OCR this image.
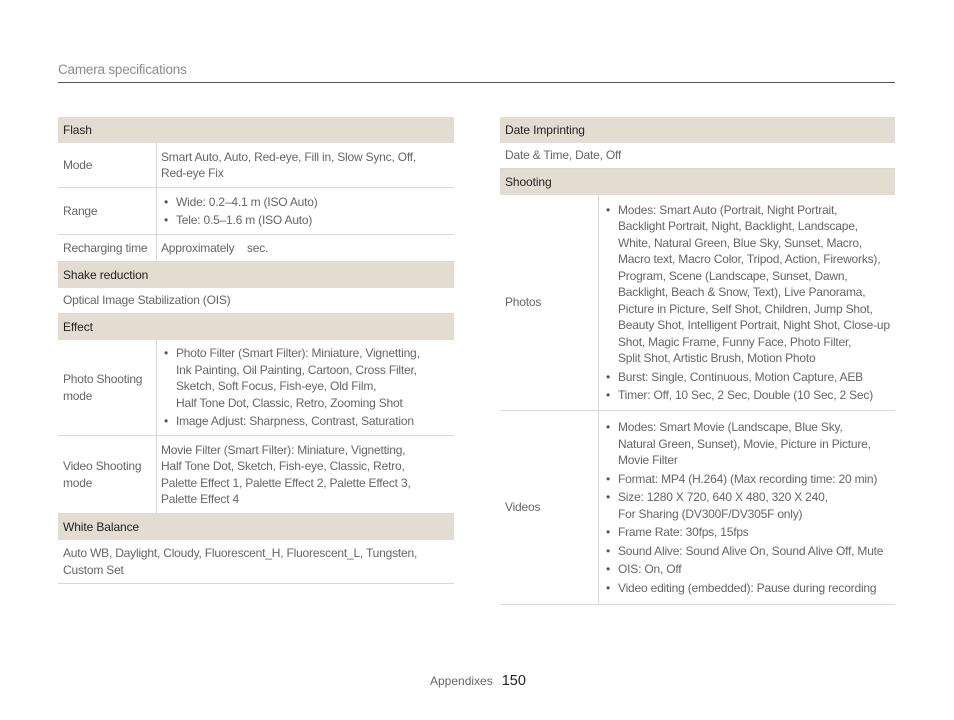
Camera specifications
Flash
Mode
Smart Auto, Auto, Red-eye, Fill in, Slow Sync, Off,
Red-eye Fix
Range
• Wide: 0.2–4.1 m (ISO Auto)
• Tele: 0.5–1.6 m (ISO Auto)
Recharging time	Approximately    sec.
Shake reduction
Optical Image Stabilization (OIS)
Effect
Photo Shooting
mode
• Photo Filter (Smart Filter): Miniature, Vignetting,
Ink Painting, Oil Painting, Cartoon, Cross Filter,
Sketch, Soft Focus, Fish-eye, Old Film,
Half Tone Dot, Classic, Retro, Zooming Shot
• Image Adjust: Sharpness, Contrast, Saturation
Video Shooting
mode
Movie Filter (Smart Filter): Miniature, Vignetting,
Half Tone Dot, Sketch, Fish-eye, Classic, Retro,
Palette Effect 1, Palette Effect 2, Palette Effect 3,
Palette Effect 4
White Balance
Auto WB, Daylight, Cloudy, Fluorescent_H, Fluorescent_L, Tungsten,
Custom Set
Date Imprinting
Date & Time, Date, Off
Shooting
Photos
• Modes: Smart Auto (Portrait, Night Portrait,
Backlight Portrait, Night, Backlight, Landscape,
White, Natural Green, Blue Sky, Sunset, Macro,
Macro text, Macro Color, Tripod, Action, Fireworks),
Program, Scene (Landscape, Sunset, Dawn,
Backlight, Beach & Snow, Text), Live Panorama,
Picture in Picture, Self Shot, Children, Jump Shot,
Beauty Shot, Intelligent Portrait, Night Shot, Close-up
Shot, Magic Frame, Funny Face, Photo Filter,
Split Shot, Artistic Brush, Motion Photo
• Burst: Single, Continuous, Motion Capture, AEB
• Timer: Off, 10 Sec, 2 Sec, Double (10 Sec, 2 Sec)
Videos
• Modes: Smart Movie (Landscape, Blue Sky,
Natural Green, Sunset), Movie, Picture in Picture,
Movie Filter
• Format: MP4 (H.264) (Max recording time: 20 min)
• Size: 1280 X 720, 640 X 480, 320 X 240,
For Sharing (DV300F/DV305F only)
• Frame Rate: 30fps, 15fps
• Sound Alive: Sound Alive On, Sound Alive Off, Mute
• OIS: On, Off
• Video editing (embedded): Pause during recording
Appendixes 150
